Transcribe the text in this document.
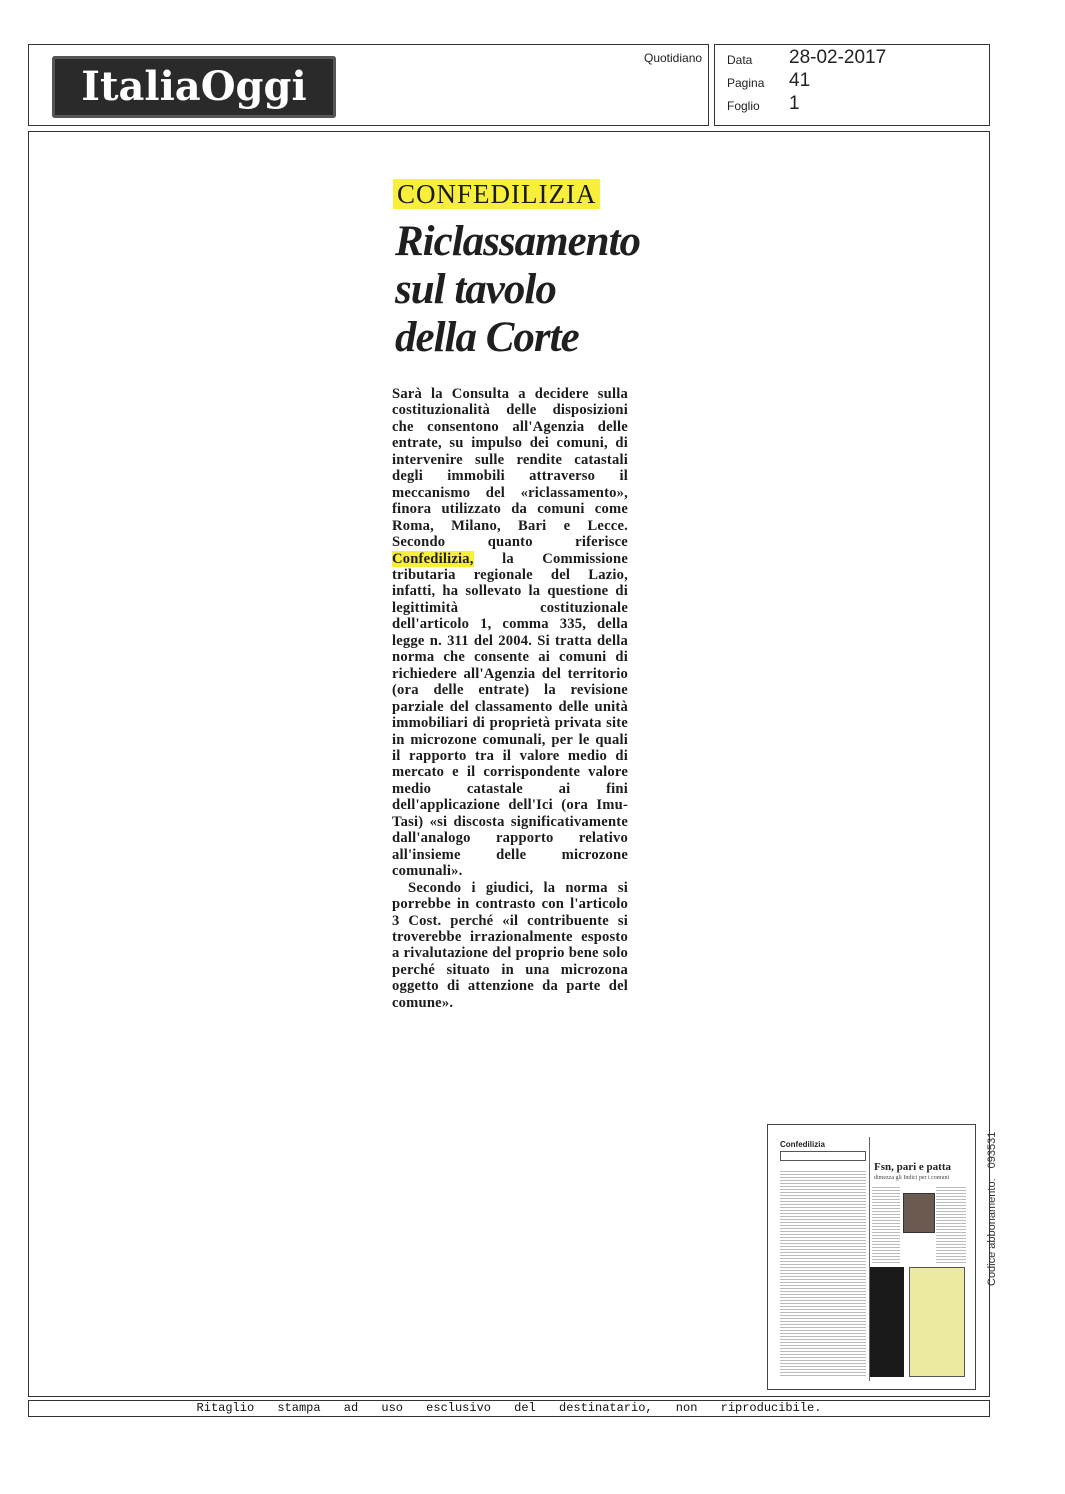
ItaliaOggi
Quotidiano Data 28-02-2017
Pagina 41
Foglio 1
CONFEDILIZIA
Riclassamento
sul tavolo
della Corte

Sarà la Consulta a decidere sulla costituzionalità delle disposizioni che consentono all'Agenzia delle entrate, su impulso dei comuni, di intervenire sulle rendite catastali degli immobili attraverso il meccanismo del «riclassamento», finora utilizzato da comuni come Roma, Milano, Bari e Lecce. Secondo quanto riferisce Confedilizia, la Commissione tributaria regionale del Lazio, infatti, ha sollevato la questione di legittimità costituzionale dell'articolo 1, comma 335, della legge n. 311 del 2004. Si tratta della norma che consente ai comuni di richiedere all'Agenzia del territorio (ora delle entrate) la revisione parziale del classamento delle unità immobiliari di proprietà privata site in microzone comunali, per le quali il rapporto tra il valore medio di mercato e il corrispondente valore medio catastale ai fini dell'applicazione dell'Ici (ora Imu-Tasi) «si discosta significativamente dall'analogo rapporto relativo all'insieme delle microzone comunali».

Secondo i giudici, la norma si porrebbe in contrasto con l'articolo 3 Cost. perché «il contribuente si troverebbe irrazionalmente esposto a rivalutazione del proprio bene solo perché situato in una microzona oggetto di attenzione da parte del comune».

Confedilizia
Fsn, pari e patta
dimezza gli Indici per i comuni
Codice abbonamento:093531
Ritaglio stampa ad uso esclusivo del destinatario, non riproducibile.
